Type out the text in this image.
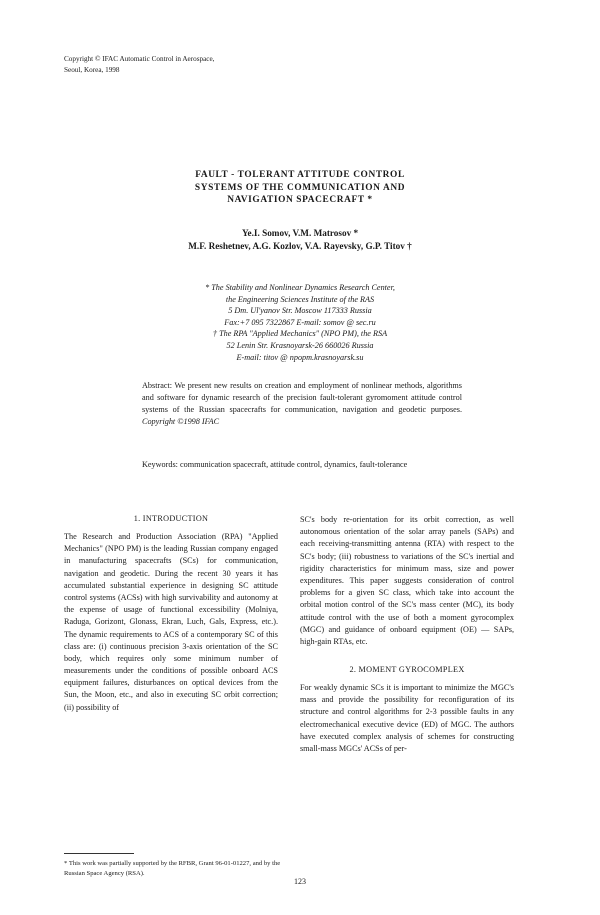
Copyright © IFAC Automatic Control in Aerospace,
Seoul, Korea, 1998
FAULT - TOLERANT ATTITUDE CONTROL
SYSTEMS OF THE COMMUNICATION AND
NAVIGATION SPACECRAFT *
Ye.I. Somov, V.M. Matrosov *
M.F. Reshetnev, A.G. Kozlov, V.A. Rayevsky, G.P. Titov †
* The Stability and Nonlinear Dynamics Research Center,
the Engineering Sciences Institute of the RAS
5 Dm. Ul'yanov Str. Moscow 117333 Russia
Fax:+7 095 7322867 E-mail: somov @ sec.ru
† The RPA "Applied Mechanics" (NPO PM), the RSA
52 Lenin Str. Krasnoyarsk-26 660026 Russia
E-mail: titov @ npopm.krasnoyarsk.su
Abstract: We present new results on creation and employment of nonlinear methods, algorithms and software for dynamic research of the precision fault-tolerant gyromoment attitude control systems of the Russian spacecrafts for communication, navigation and geodetic purposes. Copyright ©1998 IFAC
Keywords: communication spacecraft, attitude control, dynamics, fault-tolerance
1. INTRODUCTION

The Research and Production Association (RPA) "Applied Mechanics" (NPO PM) is the leading Russian company engaged in manufacturing spacecrafts (SCs) for communication, navigation and geodetic. During the recent 30 years it has accumulated substantial experience in designing SC attitude control systems (ACSs) with high survivability and autonomy at the expense of usage of functional excessibility (Molniya, Raduga, Gorizont, Glonass, Ekran, Luch, Gals, Express, etc.). The dynamic requirements to ACS of a contemporary SC of this class are: (i) continuous precision 3-axis orientation of the SC body, which requires only some minimum number of measurements under the conditions of possible onboard ACS equipment failures, disturbances on optical devices from the Sun, the Moon, etc., and also in executing SC orbit correction; (ii) possibility of

SC's body re-orientation for its orbit correction, as well autonomous orientation of the solar array panels (SAPs) and each receiving-transmitting antenna (RTA) with respect to the SC's body; (iii) robustness to variations of the SC's inertial and rigidity characteristics for minimum mass, size and power expenditures. This paper suggests consideration of control problems for a given SC class, which take into account the orbital motion control of the SC's mass center (MC), its body attitude control with the use of both a moment gyrocomplex (MGC) and guidance of onboard equipment (OE) — SAPs, high-gain RTAs, etc.

2. MOMENT GYROCOMPLEX

For weakly dynamic SCs it is important to minimize the MGC's mass and provide the possibility for reconfiguration of its structure and control algorithms for 2-3 possible faults in any electromechanical executive device (ED) of MGC. The authors have executed complex analysis of schemes for constructing small-mass MGCs' ACSs of per-

* This work was partially supported by the RFBR, Grant 96-01-01227, and by the Russian Space Agency (RSA).
123
